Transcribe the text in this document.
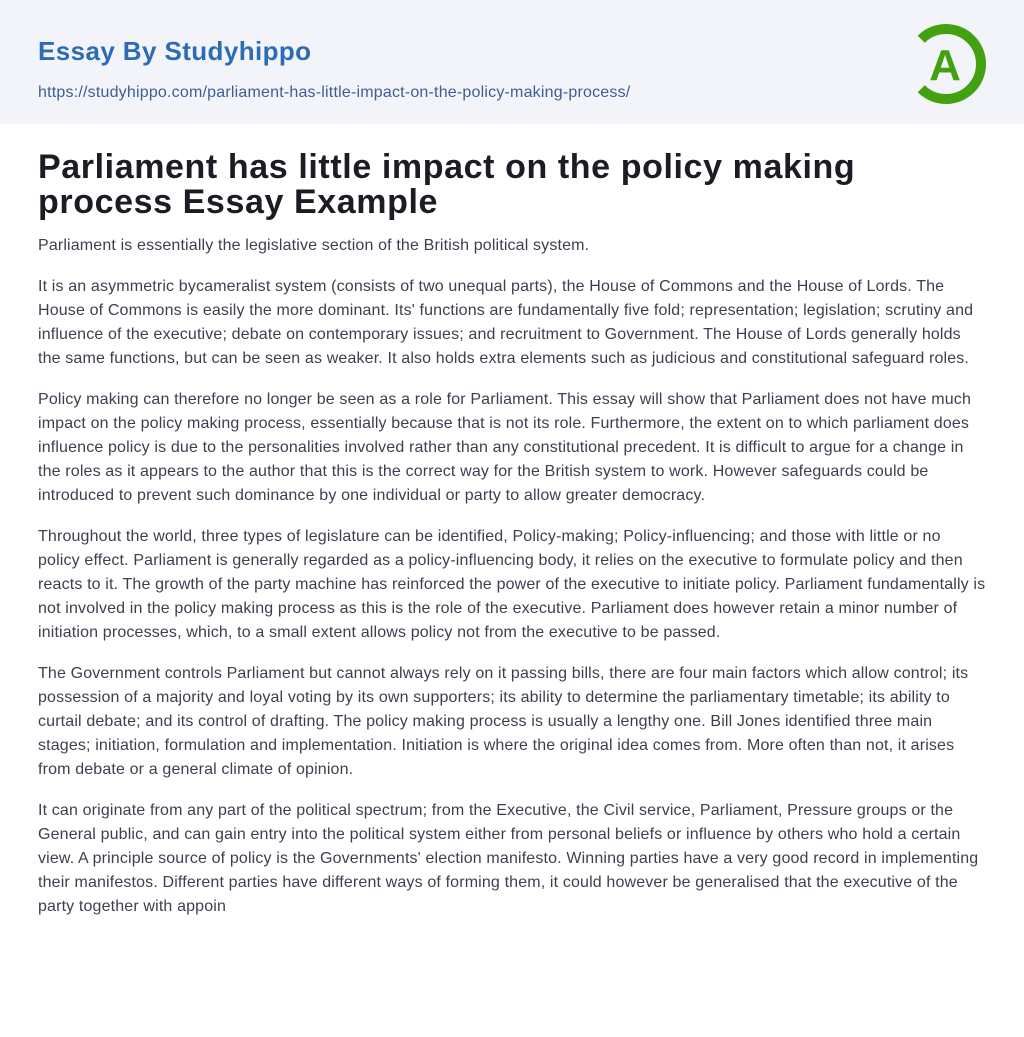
Essay By Studyhippo
https://studyhippo.com/parliament-has-little-impact-on-the-policy-making-process/
A
Parliament has little impact on the policy making process Essay Example

Parliament is essentially the legislative section of the British political system.

It is an asymmetric bycameralist system (consists of two unequal parts), the House of Commons and the House of Lords. The House of Commons is easily the more dominant. Its' functions are fundamentally five fold; representation; legislation; scrutiny and influence of the executive; debate on contemporary issues; and recruitment to Government. The House of Lords generally holds the same functions, but can be seen as weaker. It also holds extra elements such as judicious and constitutional safeguard roles.

Policy making can therefore no longer be seen as a role for Parliament. This essay will show that Parliament does not have much impact on the policy making process, essentially because that is not its role. Furthermore, the extent on to which parliament does influence policy is due to the personalities involved rather than any constitutional precedent. It is difficult to argue for a change in the roles as it appears to the author that this is the correct way for the British system to work. However safeguards could be introduced to prevent such dominance by one individual or party to allow greater democracy.

Throughout the world, three types of legislature can be identified, Policy-making; Policy-influencing; and those with little or no policy effect. Parliament is generally regarded as a policy-influencing body, it relies on the executive to formulate policy and then reacts to it. The growth of the party machine has reinforced the power of the executive to initiate policy. Parliament fundamentally is not involved in the policy making process as this is the role of the executive. Parliament does however retain a minor number of initiation processes, which, to a small extent allows policy not from the executive to be passed.

The Government controls Parliament but cannot always rely on it passing bills, there are four main factors which allow control; its possession of a majority and loyal voting by its own supporters; its ability to determine the parliamentary timetable; its ability to curtail debate; and its control of drafting. The policy making process is usually a lengthy one. Bill Jones identified three main stages; initiation, formulation and implementation. Initiation is where the original idea comes from. More often than not, it arises from debate or a general climate of opinion.

It can originate from any part of the political spectrum; from the Executive, the Civil service, Parliament, Pressure groups or the General public, and can gain entry into the political system either from personal beliefs or influence by others who hold a certain view. A principle source of policy is the Governments' election manifesto. Winning parties have a very good record in implementing their manifestos. Different parties have different ways of forming them, it could however be generalised that the executive of the party together with appoin
